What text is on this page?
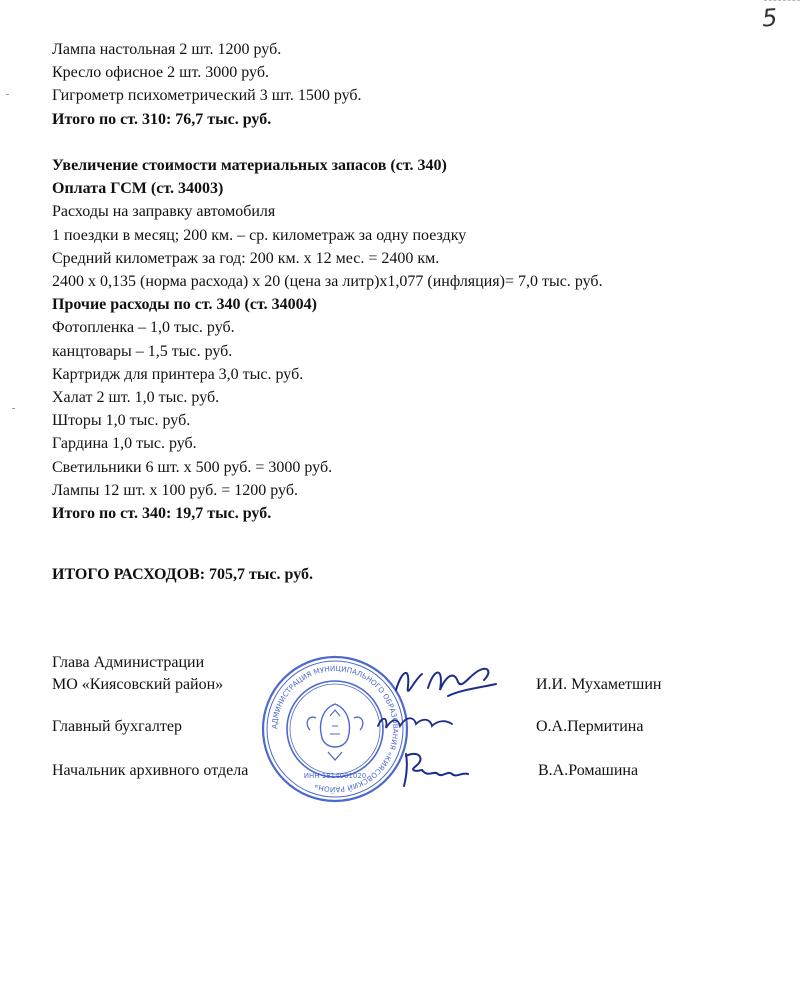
5
Лампа настольная 2 шт. 1200 руб.
Кресло офисное 2 шт. 3000 руб.
Гигрометр психометрический 3 шт. 1500 руб.
Итого по ст. 310: 76,7 тыс. руб.

Увеличение стоимости материальных запасов (ст. 340)
Оплата ГСМ (ст. 34003)
Расходы на заправку автомобиля
1 поездки в месяц; 200 км. – ср. километраж за одну поездку
Средний километраж за год: 200 км. х 12 мес. = 2400 км.
2400 х 0,135 (норма расхода) х 20 (цена за литр)х1,077 (инфляция)= 7,0 тыс. руб.
Прочие расходы по ст. 340 (ст. 34004)
Фотопленка – 1,0 тыс. руб.
канцтовары – 1,5 тыс. руб.
Картридж для принтера 3,0 тыс. руб.
Халат 2 шт. 1,0 тыс. руб.
Шторы 1,0 тыс. руб.
Гардина 1,0 тыс. руб.
Светильники 6 шт. х 500 руб. = 3000 руб.
Лампы 12 шт. х 100 руб. = 1200 руб.
Итого по ст. 340: 19,7 тыс. руб.
ИТОГО РАСХОДОВ: 705,7 тыс. руб.
Глава Администрации
МО «Киясовский район»	И.И. Мухаметшин
Главный бухгалтер	О.А.Пермитина
Начальник архивного отдела	В.А.Ромашина
АДМИНИСТРАЦИЯ МУНИЦИПАЛЬНОГО ОБРАЗОВАНИЯ «КИЯСОВСКИЙ РАЙОН»
ИНН 1814001020
